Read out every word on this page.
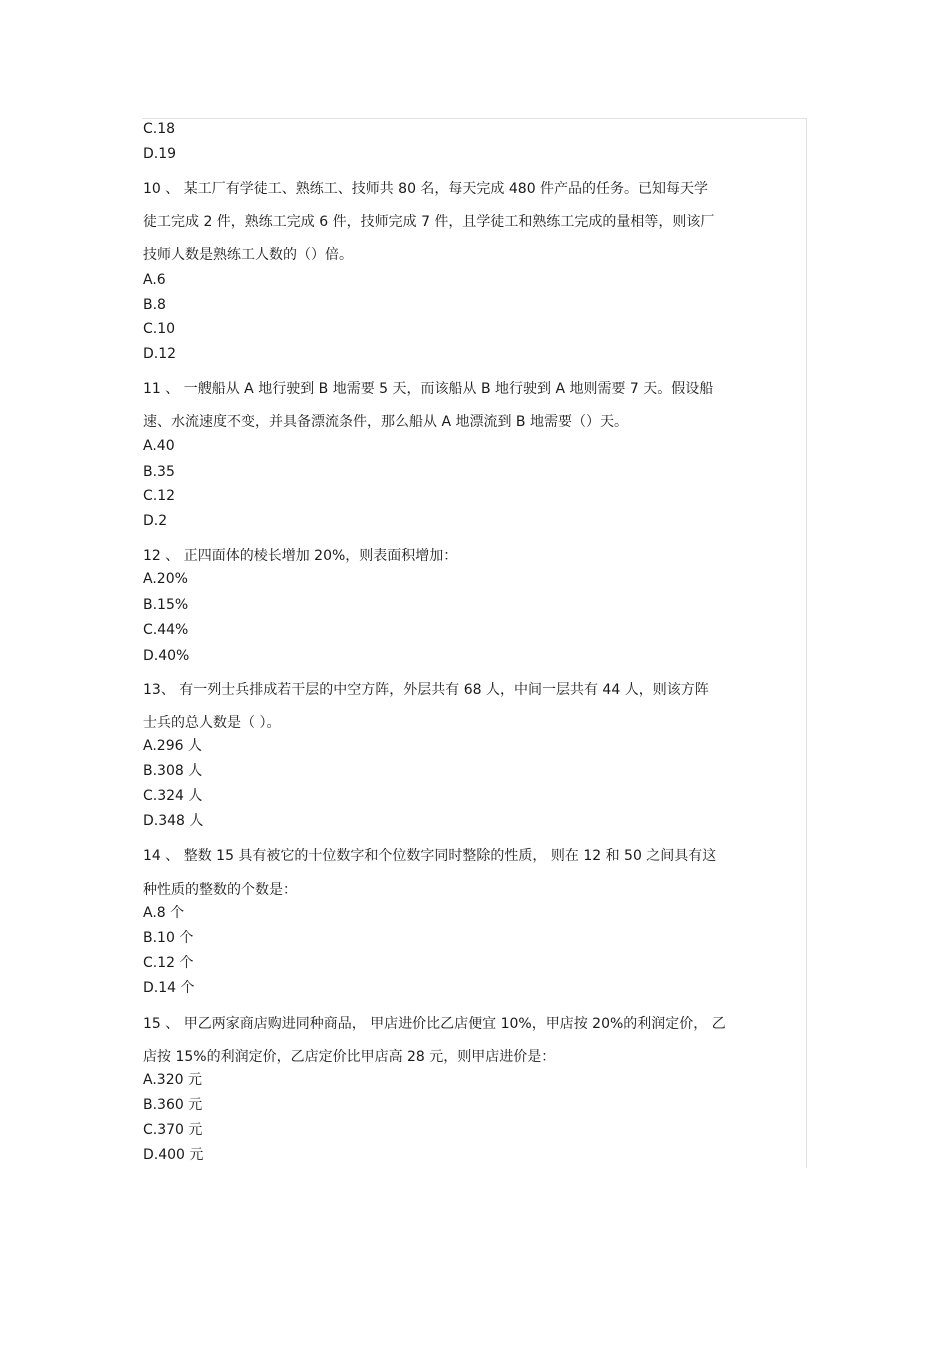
C.18
D.19
10 、 某工厂有学徒工、熟练工、技师共 80 名，每天完成 480 件产品的任务。已知每天学
徒工完成 2 件，熟练工完成 6 件，技师完成 7 件，且学徒工和熟练工完成的量相等，则该厂
技师人数是熟练工人数的（）倍。
A.6
B.8
C.10
D.12
11 、 一艘船从 A 地行驶到 B 地需要 5 天，而该船从 B 地行驶到 A 地则需要 7 天。假设船
速、水流速度不变，并具备漂流条件，那么船从 A 地漂流到 B 地需要（）天。
A.40
B.35
C.12
D.2
12 、 正四面体的棱长增加 20%，则表面积增加：
A.20%
B.15%
C.44%
D.40%
13、 有一列士兵排成若干层的中空方阵，外层共有 68 人，中间一层共有 44 人，则该方阵
士兵的总人数是（ ）。
A.296 人
B.308 人
C.324 人
D.348 人
14 、 整数 15 具有被它的十位数字和个位数字同时整除的性质， 则在 12 和 50 之间具有这
种性质的整数的个数是：
A.8 个
B.10 个
C.12 个
D.14 个
15 、 甲乙两家商店购进同种商品， 甲店进价比乙店便宜 10%，甲店按 20%的利润定价， 乙
店按 15%的利润定价，乙店定价比甲店高 28 元，则甲店进价是：
A.320 元
B.360 元
C.370 元
D.400 元
